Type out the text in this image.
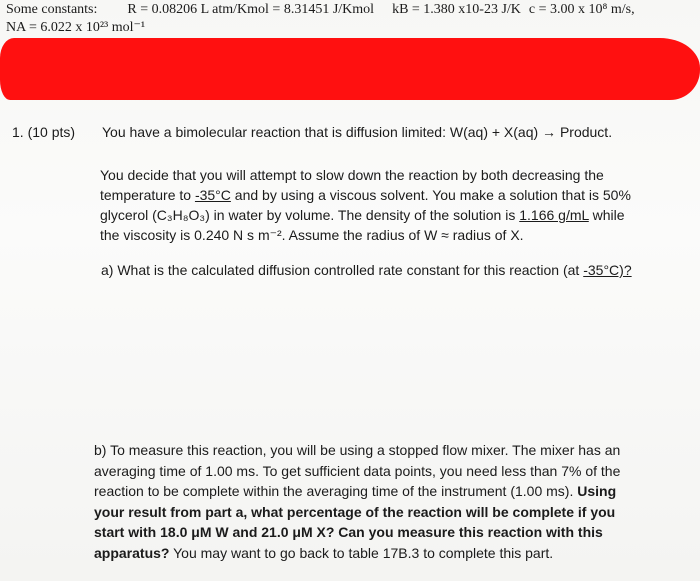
Some constants: R = 0.08206 L atm/Kmol = 8.31451 J/Kmol kB = 1.380 x10-23 J/K c = 3.00 x 10⁸ m/s,
NA = 6.022 x 10²³ mol⁻¹
1. (10 pts) You have a bimolecular reaction that is diffusion limited: W(aq) + X(aq) → Product.
You decide that you will attempt to slow down the reaction by both decreasing the
temperature to -35°C and by using a viscous solvent. You make a solution that is 50%
glycerol (C₃H₈O₃) in water by volume. The density of the solution is 1.166 g/mL while
the viscosity is 0.240 N s m⁻². Assume the radius of W ≈ radius of X.
a) What is the calculated diffusion controlled rate constant for this reaction (at -35°C)?
b) To measure this reaction, you will be using a stopped flow mixer. The mixer has an
averaging time of 1.00 ms. To get sufficient data points, you need less than 7% of the
reaction to be complete within the averaging time of the instrument (1.00 ms). Using
your result from part a, what percentage of the reaction will be complete if you
start with 18.0 μM W and 21.0 μM X? Can you measure this reaction with this
apparatus? You may want to go back to table 17B.3 to complete this part.
